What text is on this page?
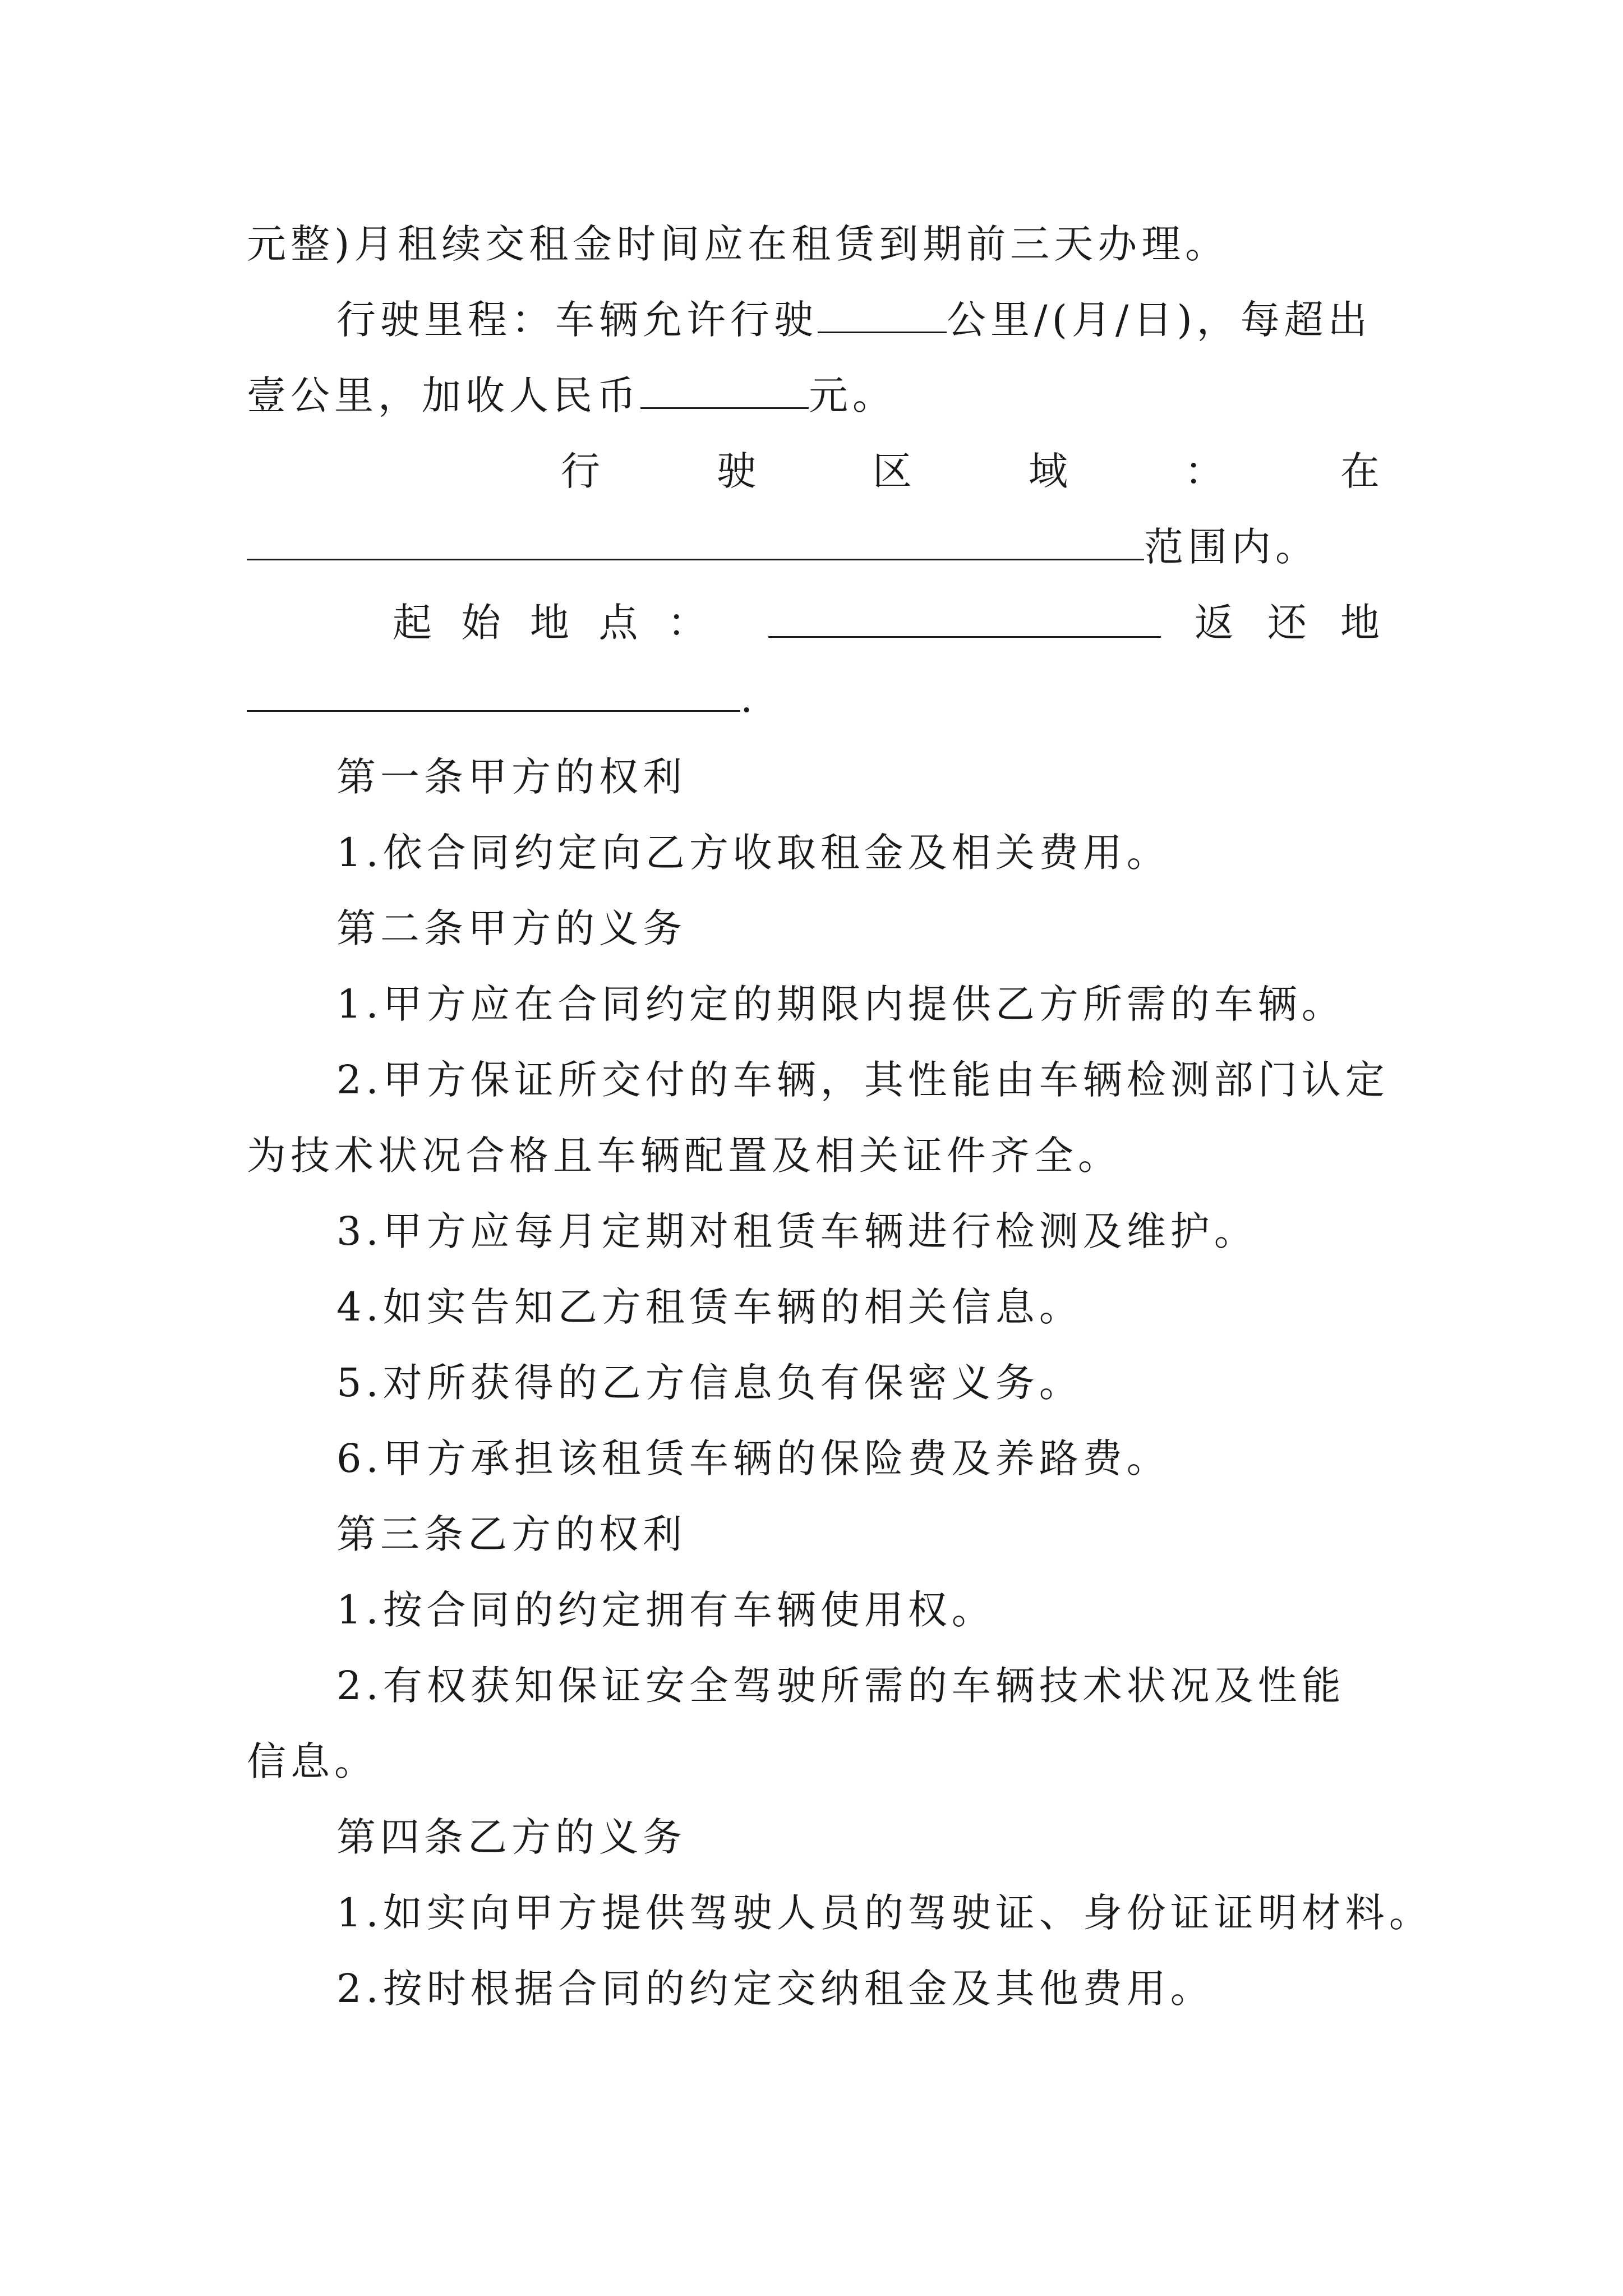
元整)月租续交租金时间应在租赁到期前三天办理。
行驶里程：车辆允许行驶	公里/(月/日)，每超出
壹公里，加收人民币	元。
行	驶	区	域	：	在
范围内。
起 始 地 点 ：	返 还 地
.
第一条甲方的权利
1.依合同约定向乙方收取租金及相关费用。
第二条甲方的义务
1.甲方应在合同约定的期限内提供乙方所需的车辆。
2.甲方保证所交付的车辆，其性能由车辆检测部门认定
为技术状况合格且车辆配置及相关证件齐全。
3.甲方应每月定期对租赁车辆进行检测及维护。
4.如实告知乙方租赁车辆的相关信息。
5.对所获得的乙方信息负有保密义务。
6.甲方承担该租赁车辆的保险费及养路费。
第三条乙方的权利
1.按合同的约定拥有车辆使用权。
2.有权获知保证安全驾驶所需的车辆技术状况及性能
信息。
第四条乙方的义务
1.如实向甲方提供驾驶人员的驾驶证、身份证证明材料。
2.按时根据合同的约定交纳租金及其他费用。
